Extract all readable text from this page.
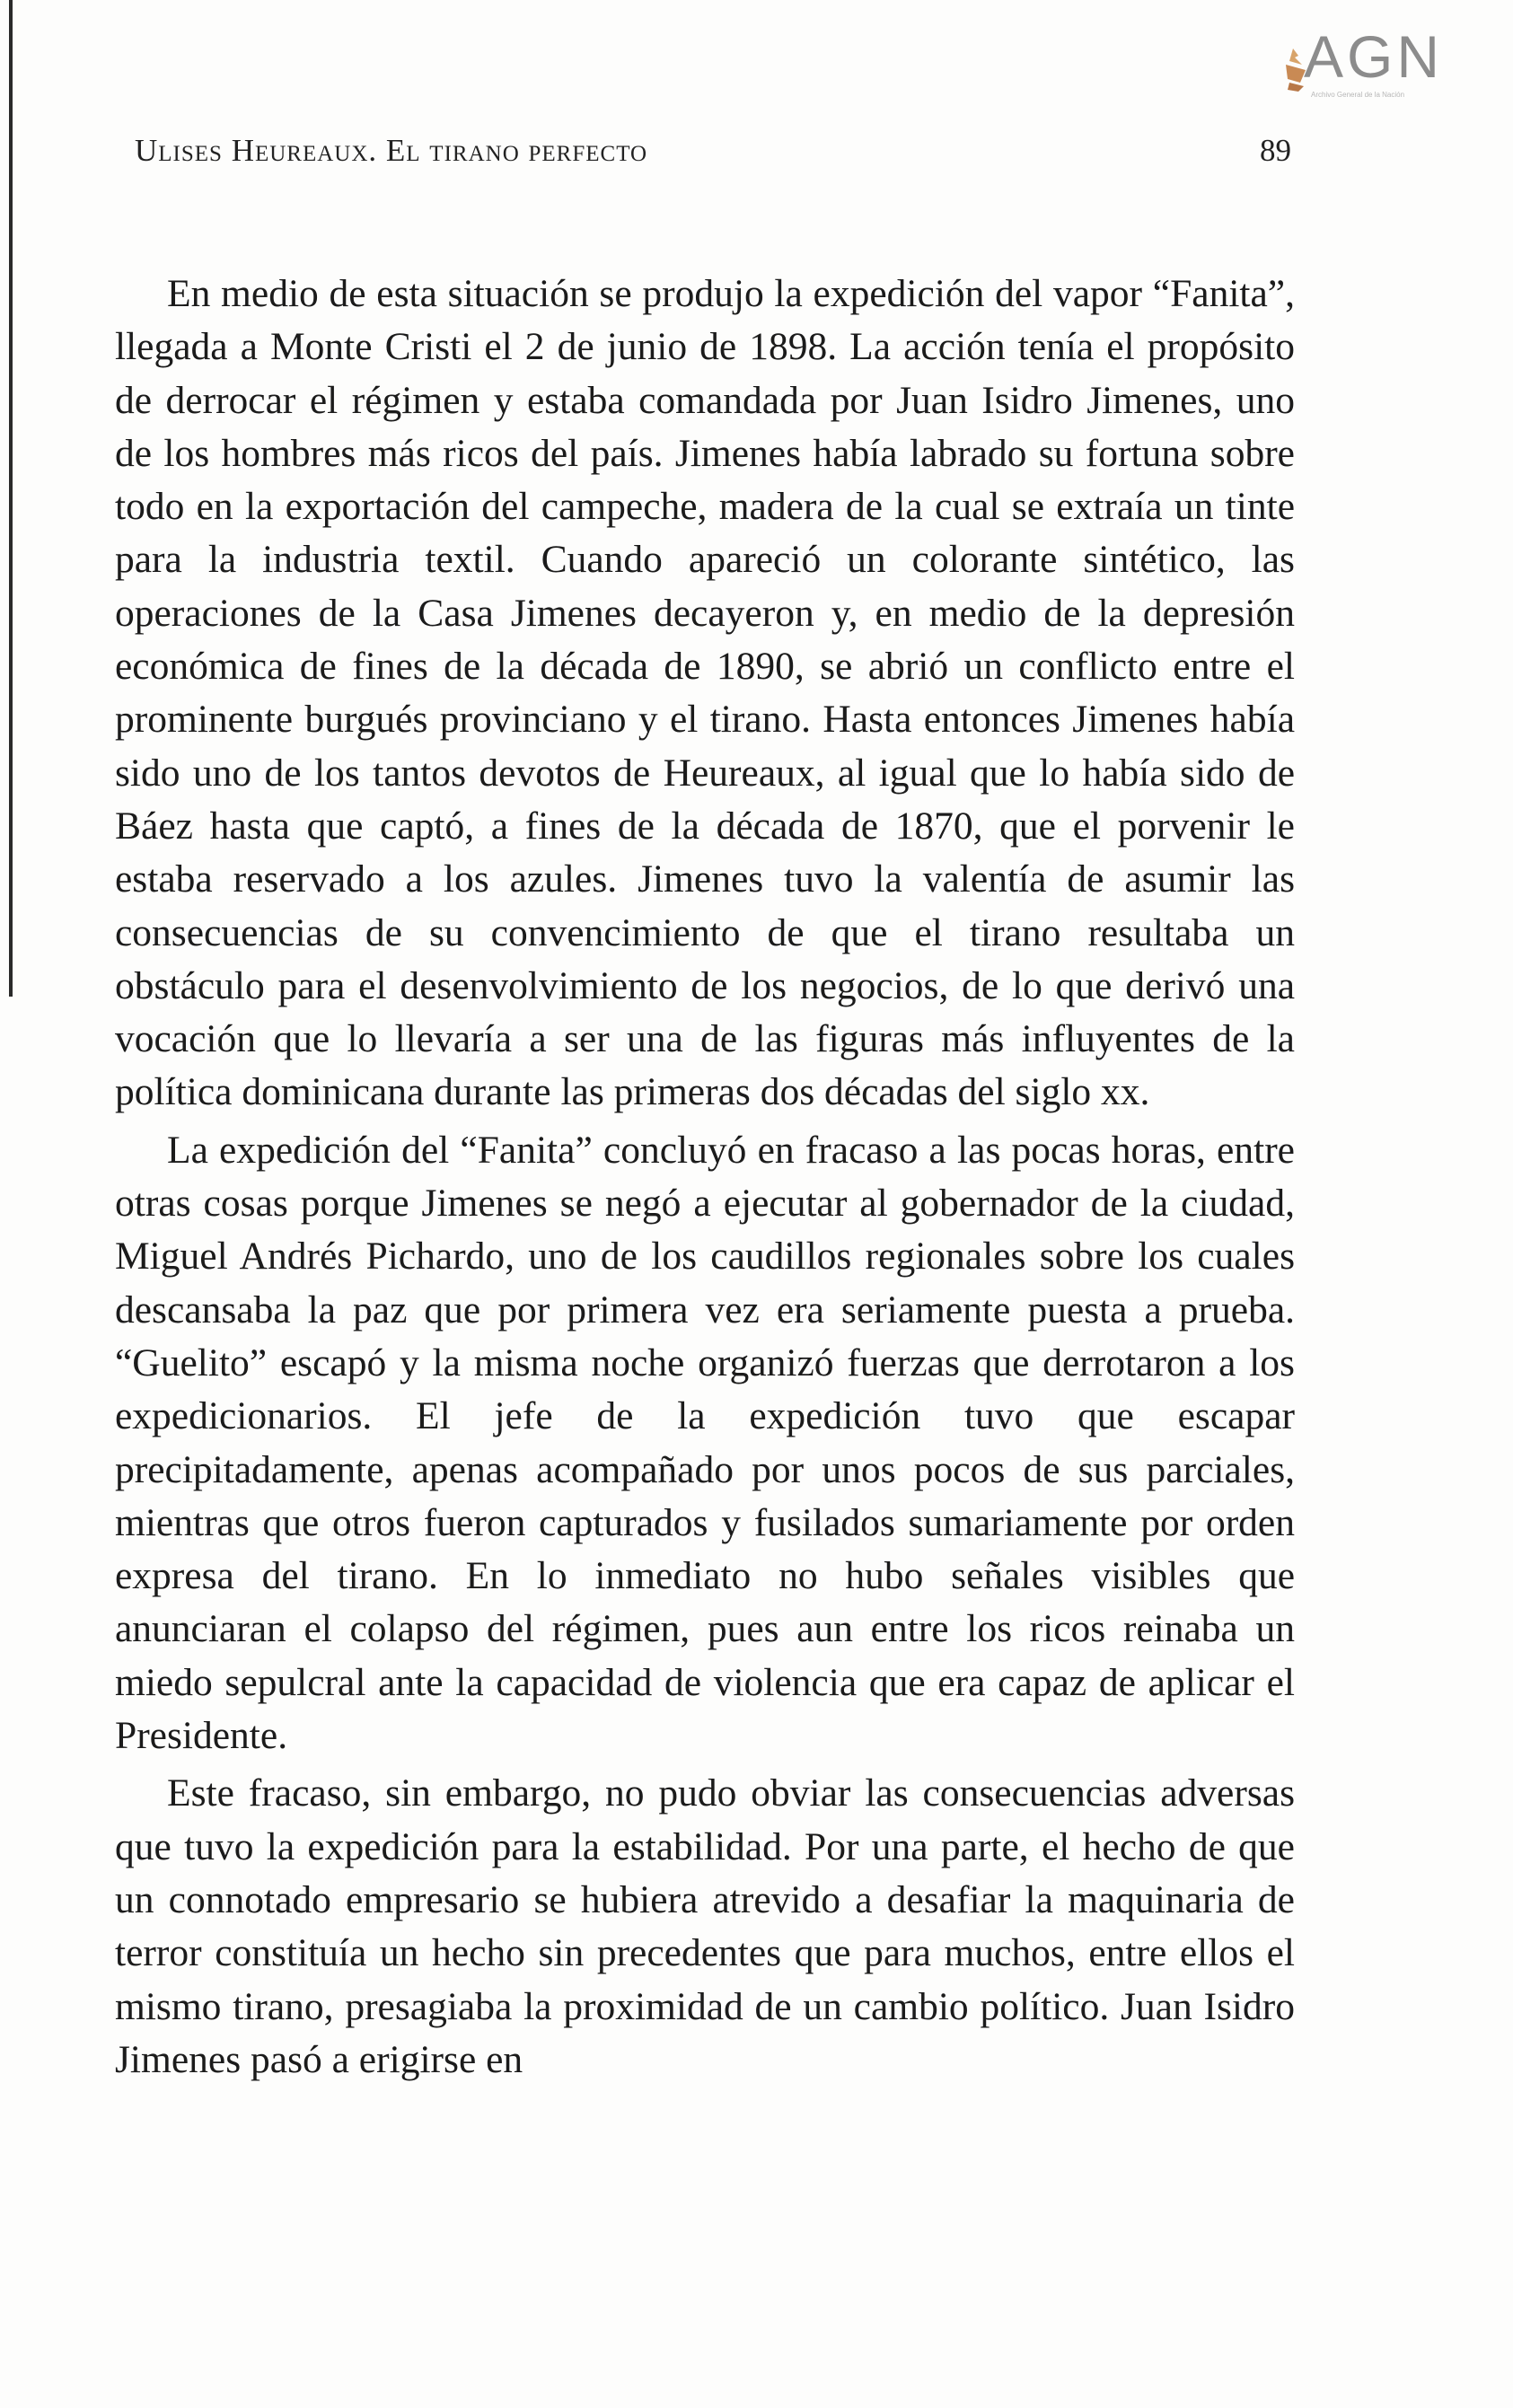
AGN
Archivo General de la Nación
Ulises Heureaux. El tirano perfecto	89

En medio de esta situación se produjo la expedición del vapor “Fanita”, llegada a Monte Cristi el 2 de junio de 1898. La acción tenía el propósito de derrocar el régimen y estaba comandada por Juan Isidro Jimenes, uno de los hombres más ricos del país. Jimenes había labrado su fortuna sobre todo en la exportación del campeche, madera de la cual se extraía un tinte para la industria textil. Cuando apareció un colorante sintético, las operaciones de la Casa Jimenes decayeron y, en medio de la depresión económica de fines de la década de 1890, se abrió un conflicto entre el prominente burgués provinciano y el tirano. Hasta entonces Jimenes había sido uno de los tantos devotos de Heureaux, al igual que lo había sido de Báez hasta que captó, a fines de la década de 1870, que el porvenir le estaba reservado a los azules. Jimenes tuvo la valentía de asumir las consecuencias de su convencimiento de que el tirano resultaba un obstáculo para el desenvolvimiento de los negocios, de lo que derivó una vocación que lo llevaría a ser una de las figuras más influyentes de la política dominicana durante las primeras dos décadas del siglo xx.

La expedición del “Fanita” concluyó en fracaso a las pocas horas, entre otras cosas porque Jimenes se negó a ejecutar al gobernador de la ciudad, Miguel Andrés Pichardo, uno de los caudillos regionales sobre los cuales descansaba la paz que por primera vez era seriamente puesta a prueba. “Guelito” escapó y la misma noche organizó fuerzas que derrotaron a los expedicionarios. El jefe de la expedición tuvo que escapar precipitadamente, apenas acompañado por unos pocos de sus parciales, mientras que otros fueron capturados y fusilados sumariamente por orden expresa del tirano. En lo inmediato no hubo señales visibles que anunciaran el colapso del régimen, pues aun entre los ricos reinaba un miedo sepulcral ante la capacidad de violencia que era capaz de aplicar el Presidente.

Este fracaso, sin embargo, no pudo obviar las consecuencias adversas que tuvo la expedición para la estabilidad. Por una parte, el hecho de que un connotado empresario se hubiera atrevido a desafiar la maquinaria de terror constituía un hecho sin precedentes que para muchos, entre ellos el mismo tirano, presagiaba la proximidad de un cambio político. Juan Isidro Jimenes pasó a erigirse en
